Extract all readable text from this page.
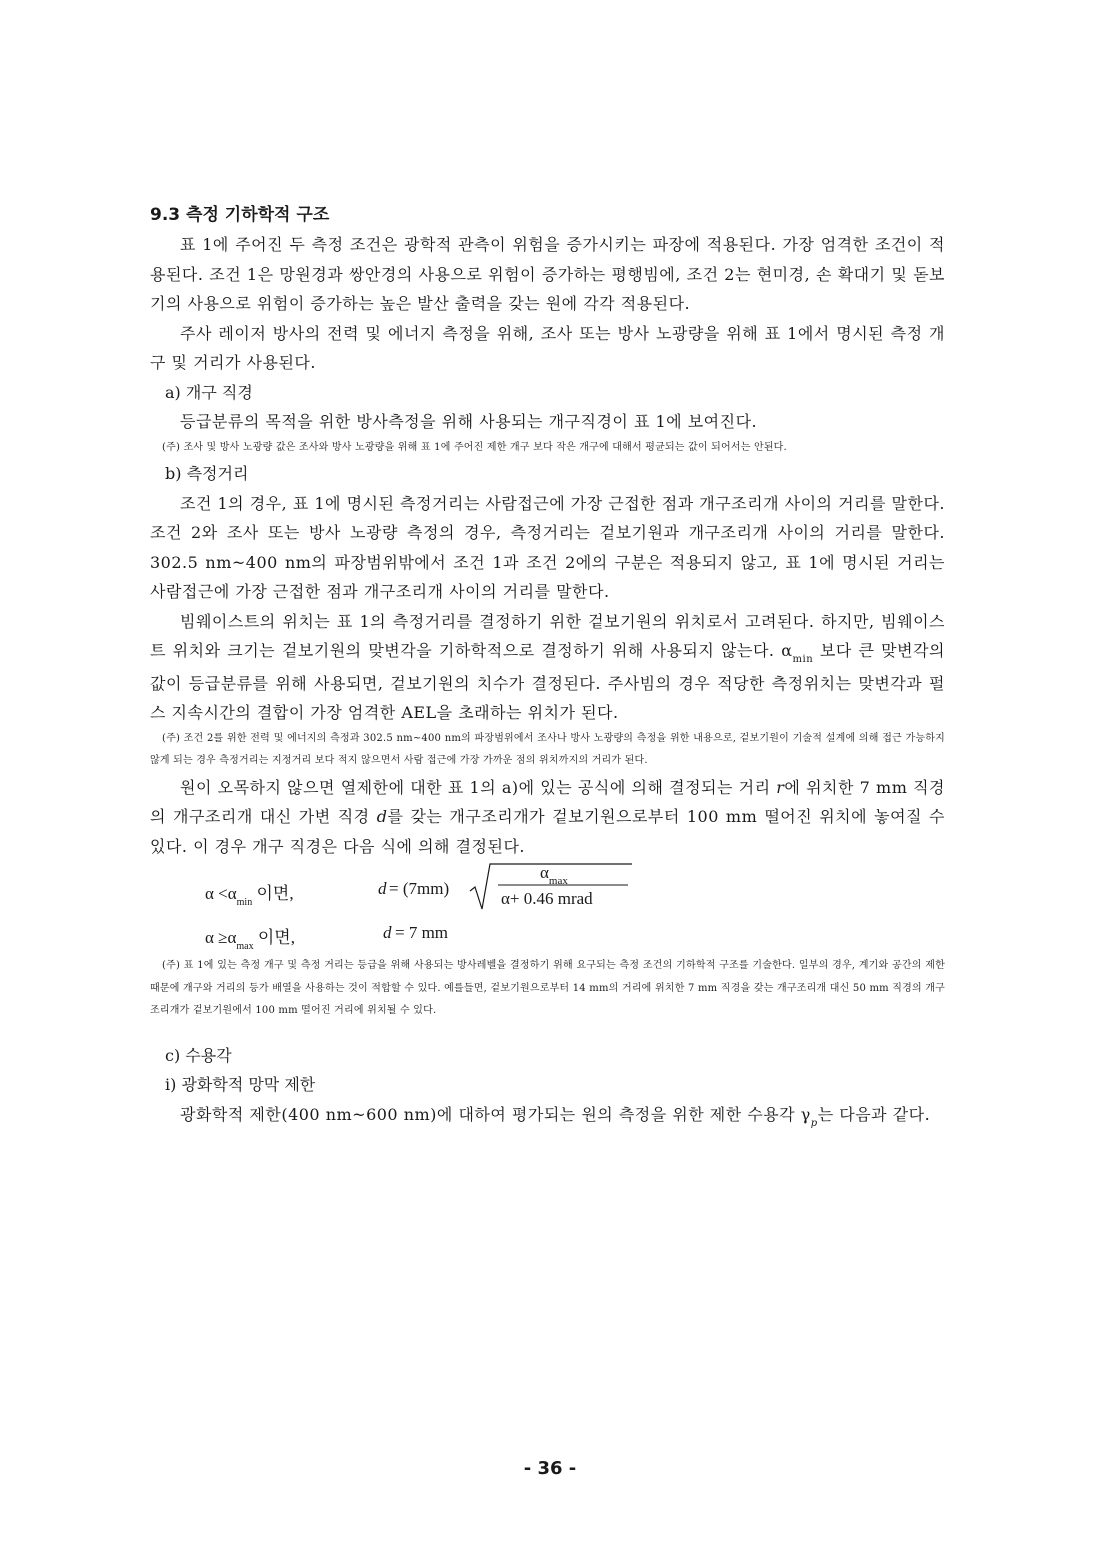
9.3 측정 기하학적 구조

표 1에 주어진 두 측정 조건은 광학적 관측이 위험을 증가시키는 파장에 적용된다. 가장 엄격한 조건이 적용된다. 조건 1은 망원경과 쌍안경의 사용으로 위험이 증가하는 평행빔에, 조건 2는 현미경, 손 확대기 및 돋보기의 사용으로 위험이 증가하는 높은 발산 출력을 갖는 원에 각각 적용된다.

주사 레이저 방사의 전력 및 에너지 측정을 위해, 조사 또는 방사 노광량을 위해 표 1에서 명시된 측정 개구 및 거리가 사용된다.

a) 개구 직경

등급분류의 목적을 위한 방사측정을 위해 사용되는 개구직경이 표 1에 보여진다.

(주) 조사 및 방사 노광량 값은 조사와 방사 노광량을 위해 표 1에 주어진 제한 개구 보다 작은 개구에 대해서 평균되는 값이 되어서는 안된다.

b) 측정거리

조건 1의 경우, 표 1에 명시된 측정거리는 사람접근에 가장 근접한 점과 개구조리개 사이의 거리를 말한다. 조건 2와 조사 또는 방사 노광량 측정의 경우, 측정거리는 겉보기원과 개구조리개 사이의 거리를 말한다. 302.5 nm~400 nm의 파장범위밖에서 조건 1과 조건 2에의 구분은 적용되지 않고, 표 1에 명시된 거리는 사람접근에 가장 근접한 점과 개구조리개 사이의 거리를 말한다.

빔웨이스트의 위치는 표 1의 측정거리를 결정하기 위한 겉보기원의 위치로서 고려된다. 하지만, 빔웨이스트 위치와 크기는 겉보기원의 맞변각을 기하학적으로 결정하기 위해 사용되지 않는다. $\alpha_{min}$ 보다 큰 맞변각의 값이 등급분류를 위해 사용되면, 겉보기원의 치수가 결정된다. 주사빔의 경우 적당한 측정위치는 맞변각과 펄스 지속시간의 결합이 가장 엄격한 AEL을 초래하는 위치가 된다.

(주) 조건 2를 위한 전력 및 에너지의 측정과 302.5 nm~400 nm의 파장범위에서 조사나 방사 노광량의 측정을 위한 내용으로, 겉보기원이 기술적 설계에 의해 접근 가능하지 않게 되는 경우 측정거리는 지정거리 보다 적지 않으면서 사람 접근에 가장 가까운 점의 위치까지의 거리가 된다.

원이 오목하지 않으면 열제한에 대한 표 1의 a)에 있는 공식에 의해 결정되는 거리 r에 위치한 7 mm 직경의 개구조리개 대신 가변 직경 d를 갖는 개구조리개가 겉보기원으로부터 100 mm 떨어진 위치에 놓여질 수 있다. 이 경우 개구 직경은 다음 식에 의해 결정된다.

$\alpha <\alpha_{min}$ 이면,	d = (7mm)
$\alpha_{max}$
α+ 0.46 mrad
$\alpha \ge\alpha_{max}$ 이면,	d = 7 mm

(주) 표 1에 있는 측정 개구 및 측정 거리는 등급을 위해 사용되는 방사레벨을 결정하기 위해 요구되는 측정 조건의 기하학적 구조를 기술한다. 일부의 경우, 계기와 공간의 제한 때문에 개구와 거리의 등가 배열을 사용하는 것이 적합할 수 있다. 예를들면, 겉보기원으로부터 14 mm의 거리에 위치한 7 mm 직경을 갖는 개구조리개 대신 50 mm 직경의 개구조리개가 겉보기원에서 100 mm 떨어진 거리에 위치될 수 있다.

c) 수용각

i) 광화학적 망막 제한

광화학적 제한(400 nm~600 nm)에 대하여 평가되는 원의 측정을 위한 제한 수용각 $\gamma_p$는 다음과 같다.

- 36 -
